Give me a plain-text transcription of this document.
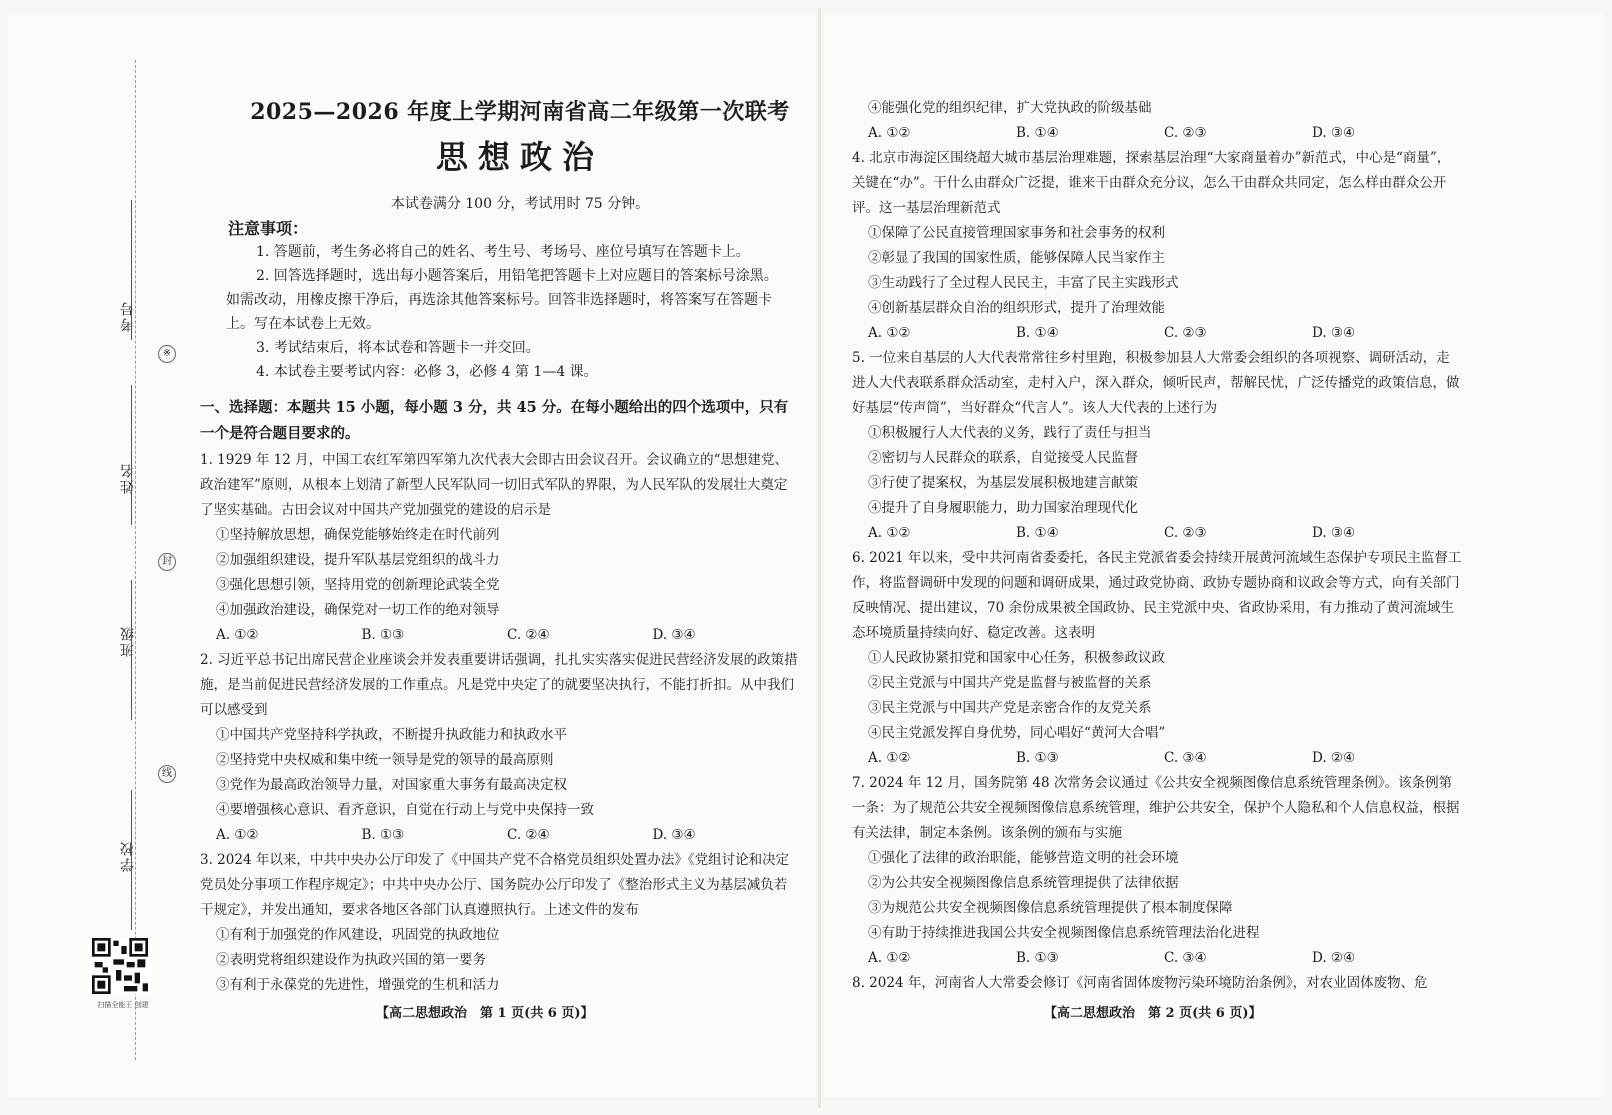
考号
※
姓名
封
班级
线
学校
扫描全能王 创建
2025—2026 年度上学期河南省高二年级第一次联考
思想政治
本试卷满分 100 分，考试用时 75 分钟。
注意事项：

1. 答题前，考生务必将自己的姓名、考生号、考场号、座位号填写在答题卡上。

2. 回答选择题时，选出每小题答案后，用铅笔把答题卡上对应题目的答案标号涂黑。如需改动，用橡皮擦干净后，再选涂其他答案标号。回答非选择题时，将答案写在答题卡上。写在本试卷上无效。

3. 考试结束后，将本试卷和答题卡一并交回。

4. 本试卷主要考试内容：必修 3，必修 4 第 1—4 课。

一、选择题：本题共 15 小题，每小题 3 分，共 45 分。在每小题给出的四个选项中，只有一个是符合题目要求的。

1. 1929 年 12 月，中国工农红军第四军第九次代表大会即古田会议召开。会议确立的“思想建党、政治建军”原则，从根本上划清了新型人民军队同一切旧式军队的界限，为人民军队的发展壮大奠定了坚实基础。古田会议对中国共产党加强党的建设的启示是

①坚持解放思想，确保党能够始终走在时代前列

②加强组织建设，提升军队基层党组织的战斗力

③强化思想引领，坚持用党的创新理论武装全党

④加强政治建设，确保党对一切工作的绝对领导

A. ①②	B. ①③	C. ②④	D. ③④

2. 习近平总书记出席民营企业座谈会并发表重要讲话强调，扎扎实实落实促进民营经济发展的政策措施，是当前促进民营经济发展的工作重点。凡是党中央定了的就要坚决执行，不能打折扣。从中我们可以感受到

①中国共产党坚持科学执政，不断提升执政能力和执政水平

②坚持党中央权威和集中统一领导是党的领导的最高原则

③党作为最高政治领导力量，对国家重大事务有最高决定权

④要增强核心意识、看齐意识，自觉在行动上与党中央保持一致

A. ①②	B. ①③	C. ②④	D. ③④

3. 2024 年以来，中共中央办公厅印发了《中国共产党不合格党员组织处置办法》《党组讨论和决定党员处分事项工作程序规定》；中共中央办公厅、国务院办公厅印发了《整治形式主义为基层减负若干规定》，并发出通知，要求各地区各部门认真遵照执行。上述文件的发布

①有利于加强党的作风建设，巩固党的执政地位

②表明党将组织建设作为执政兴国的第一要务

③有利于永葆党的先进性，增强党的生机和活力

④能强化党的组织纪律，扩大党执政的阶级基础

A. ①②	B. ①④	C. ②③	D. ③④

4. 北京市海淀区围绕超大城市基层治理难题，探索基层治理“大家商量着办”新范式，中心是“商量”，关键在“办”。干什么由群众广泛提，谁来干由群众充分议，怎么干由群众共同定，怎么样由群众公开评。这一基层治理新范式

①保障了公民直接管理国家事务和社会事务的权利

②彰显了我国的国家性质，能够保障人民当家作主

③生动践行了全过程人民民主，丰富了民主实践形式

④创新基层群众自治的组织形式，提升了治理效能

A. ①②	B. ①④	C. ②③	D. ③④

5. 一位来自基层的人大代表常常往乡村里跑，积极参加县人大常委会组织的各项视察、调研活动，走进人大代表联系群众活动室，走村入户，深入群众，倾听民声，帮解民忧，广泛传播党的政策信息，做好基层“传声筒”，当好群众“代言人”。该人大代表的上述行为

①积极履行人大代表的义务，践行了责任与担当

②密切与人民群众的联系，自觉接受人民监督

③行使了提案权，为基层发展积极地建言献策

④提升了自身履职能力，助力国家治理现代化

A. ①②	B. ①④	C. ②③	D. ③④

6. 2021 年以来，受中共河南省委委托，各民主党派省委会持续开展黄河流域生态保护专项民主监督工作，将监督调研中发现的问题和调研成果，通过政党协商、政协专题协商和议政会等方式，向有关部门反映情况、提出建议，70 余份成果被全国政协、民主党派中央、省政协采用，有力推动了黄河流域生态环境质量持续向好、稳定改善。这表明

①人民政协紧扣党和国家中心任务，积极参政议政

②民主党派与中国共产党是监督与被监督的关系

③民主党派与中国共产党是亲密合作的友党关系

④民主党派发挥自身优势，同心唱好“黄河大合唱”

A. ①②	B. ①③	C. ③④	D. ②④

7. 2024 年 12 月，国务院第 48 次常务会议通过《公共安全视频图像信息系统管理条例》。该条例第一条：为了规范公共安全视频图像信息系统管理，维护公共安全，保护个人隐私和个人信息权益，根据有关法律，制定本条例。该条例的颁布与实施

①强化了法律的政治职能，能够营造文明的社会环境

②为公共安全视频图像信息系统管理提供了法律依据

③为规范公共安全视频图像信息系统管理提供了根本制度保障

④有助于持续推进我国公共安全视频图像信息系统管理法治化进程

A. ①②	B. ①③	C. ③④	D. ②④

8. 2024 年，河南省人大常委会修订《河南省固体废物污染环境防治条例》，对农业固体废物、危

【高二思想政治　第 1 页(共 6 页)】	【高二思想政治　第 2 页(共 6 页)】
